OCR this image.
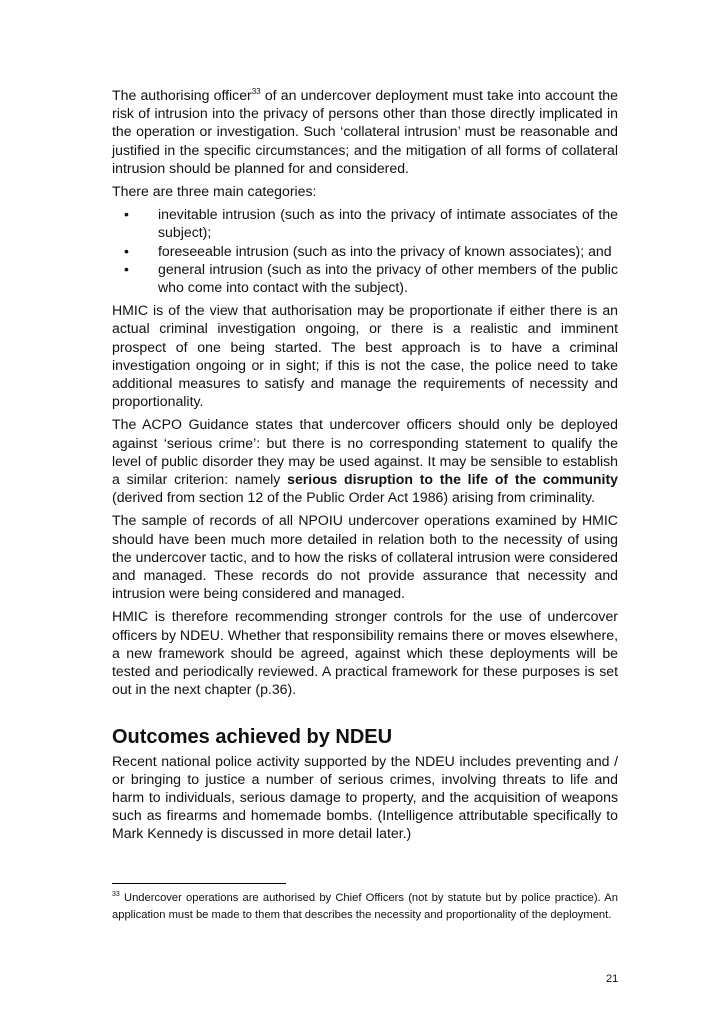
The authorising officer$^{33}$ of an undercover deployment must take into account the risk of intrusion into the privacy of persons other than those directly implicated in the operation or investigation. Such ‘collateral intrusion’ must be reasonable and justified in the specific circumstances; and the mitigation of all forms of collateral intrusion should be planned for and considered.

There are three main categories:

• inevitable intrusion (such as into the privacy of intimate associates of the subject);
• foreseeable intrusion (such as into the privacy of known associates); and
• general intrusion (such as into the privacy of other members of the public who come into contact with the subject).

HMIC is of the view that authorisation may be proportionate if either there is an actual criminal investigation ongoing, or there is a realistic and imminent prospect of one being started. The best approach is to have a criminal investigation ongoing or in sight; if this is not the case, the police need to take additional measures to satisfy and manage the requirements of necessity and proportionality.

The ACPO Guidance states that undercover officers should only be deployed against ‘serious crime’: but there is no corresponding statement to qualify the level of public disorder they may be used against. It may be sensible to establish a similar criterion: namely serious disruption to the life of the community (derived from section 12 of the Public Order Act 1986) arising from criminality.

The sample of records of all NPOIU undercover operations examined by HMIC should have been much more detailed in relation both to the necessity of using the undercover tactic, and to how the risks of collateral intrusion were considered and managed. These records do not provide assurance that necessity and intrusion were being considered and managed.

HMIC is therefore recommending stronger controls for the use of undercover officers by NDEU. Whether that responsibility remains there or moves elsewhere, a new framework should be agreed, against which these deployments will be tested and periodically reviewed. A practical framework for these purposes is set out in the next chapter (p.36).

Outcomes achieved by NDEU

Recent national police activity supported by the NDEU includes preventing and / or bringing to justice a number of serious crimes, involving threats to life and harm to individuals, serious damage to property, and the acquisition of weapons such as firearms and homemade bombs. (Intelligence attributable specifically to Mark Kennedy is discussed in more detail later.)

$^{33}$ Undercover operations are authorised by Chief Officers (not by statute but by police practice). An application must be made to them that describes the necessity and proportionality of the deployment.
21
